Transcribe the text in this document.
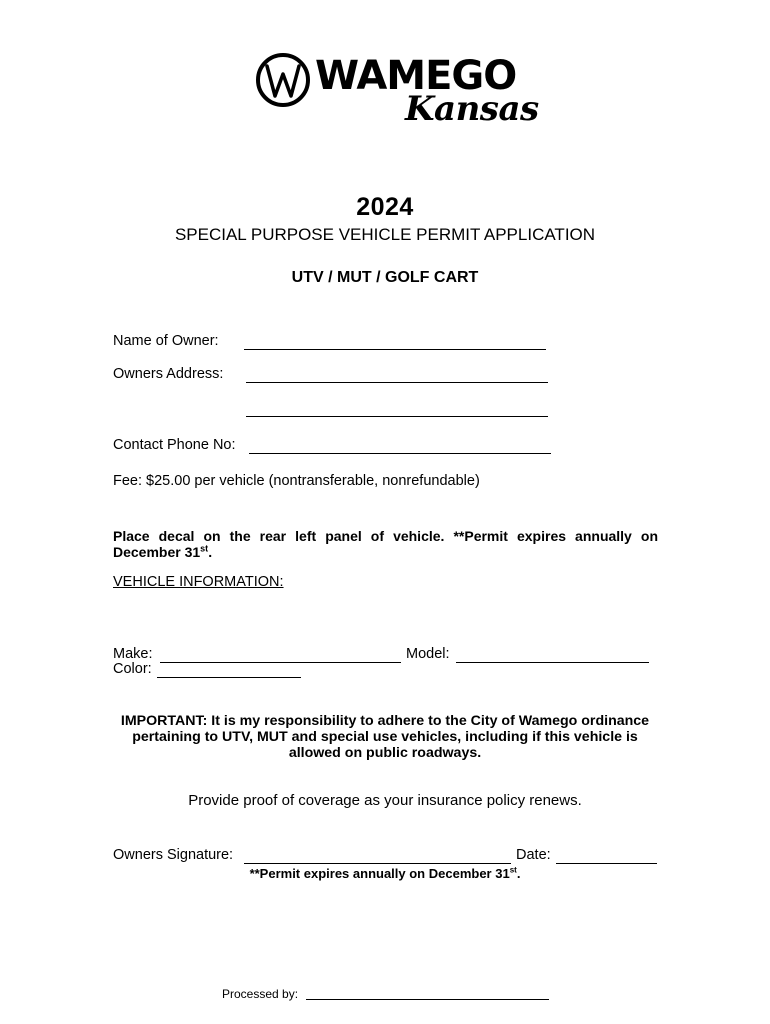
WAMEGO
Kansas
2024
SPECIAL PURPOSE VEHICLE PERMIT APPLICATION
UTV / MUT / GOLF CART
Name of Owner:
Owners Address:
Contact Phone No:
Fee: $25.00 per vehicle (nontransferable, nonrefundable)
Place decal on the rear left panel of vehicle. **Permit expires annually on December 31st.
VEHICLE INFORMATION:
Make:	Model:
Color:
IMPORTANT: It is my responsibility to adhere to the City of Wamego ordinance pertaining to UTV, MUT and special use vehicles, including if this vehicle is allowed on public roadways.
Provide proof of coverage as your insurance policy renews.
Owners Signature:	Date:
**Permit expires annually on December 31st.
Processed by:
